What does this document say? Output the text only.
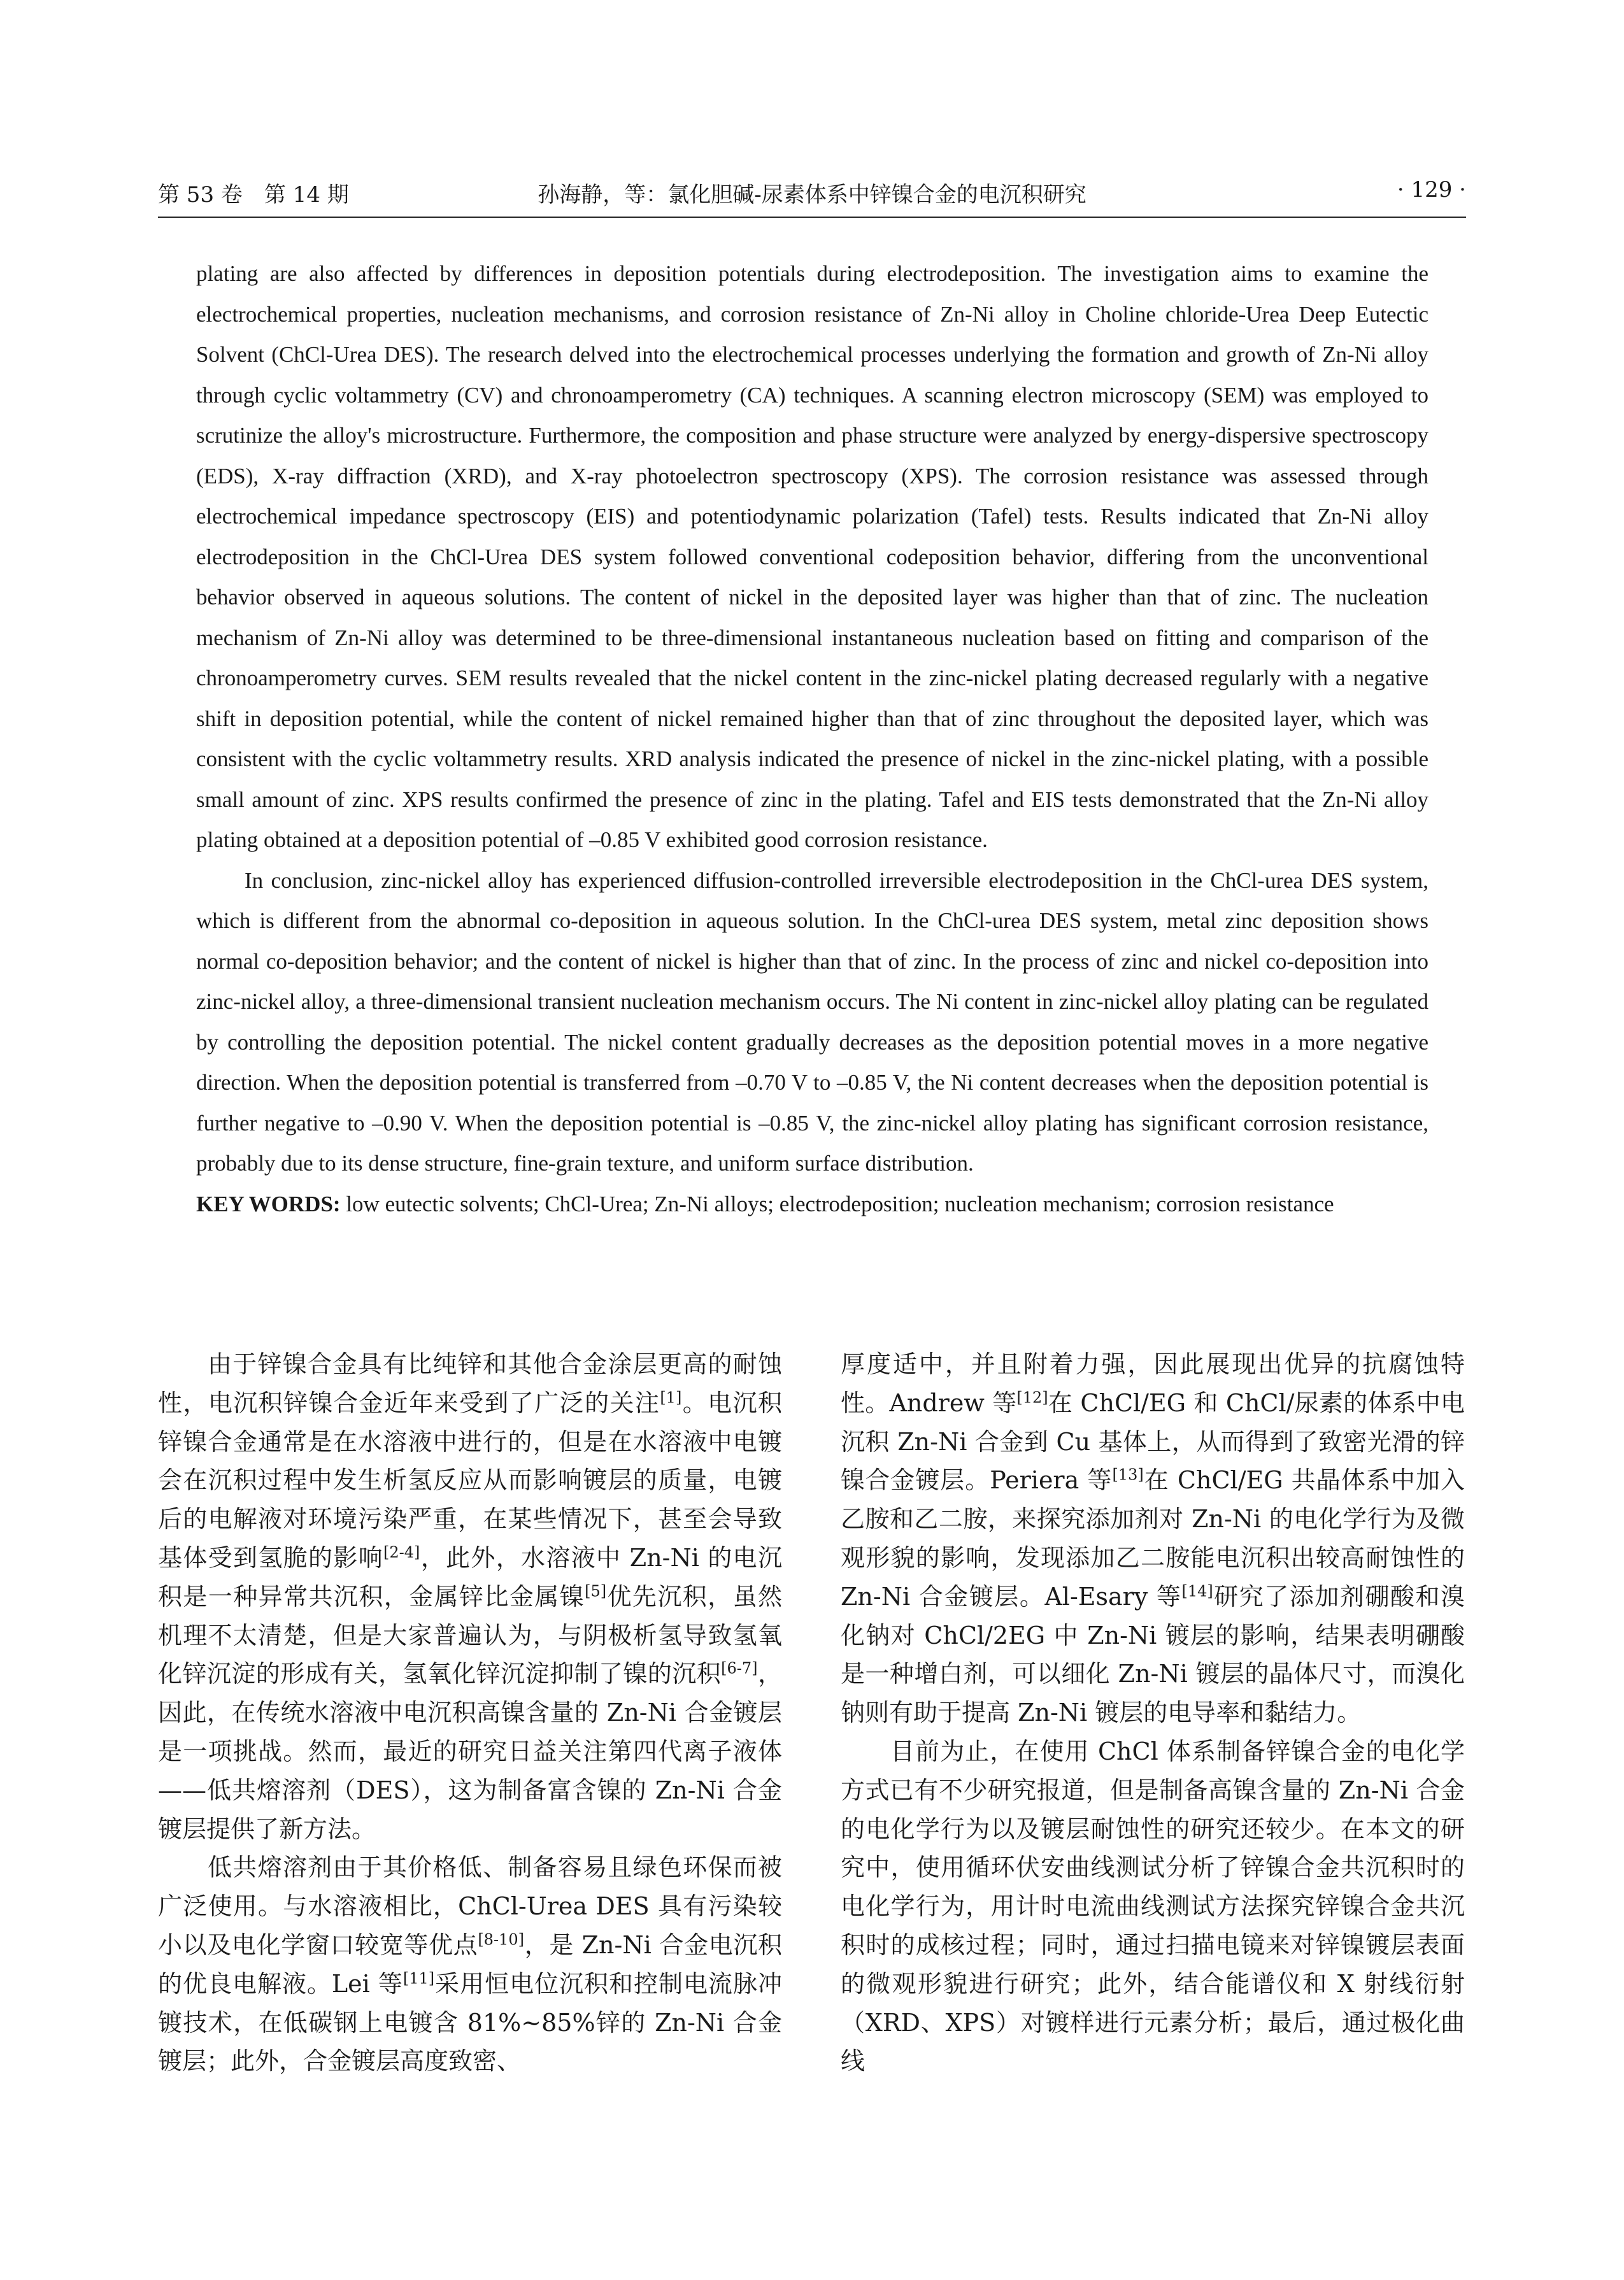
第 53 卷　第 14 期	孙海静，等：氯化胆碱-尿素体系中锌镍合金的电沉积研究	· 129 ·

plating are also affected by differences in deposition potentials during electrodeposition. The investigation aims to examine the electrochemical properties, nucleation mechanisms, and corrosion resistance of Zn-Ni alloy in Choline chloride-Urea Deep Eutectic Solvent (ChCl-Urea DES). The research delved into the electrochemical processes underlying the formation and growth of Zn-Ni alloy through cyclic voltammetry (CV) and chronoamperometry (CA) techniques. A scanning electron microscopy (SEM) was employed to scrutinize the alloy's microstructure. Furthermore, the composition and phase structure were analyzed by energy-dispersive spectroscopy (EDS), X-ray diffraction (XRD), and X-ray photoelectron spectroscopy (XPS). The corrosion resistance was assessed through electrochemical impedance spectroscopy (EIS) and potentiodynamic polarization (Tafel) tests. Results indicated that Zn-Ni alloy electrodeposition in the ChCl-Urea DES system followed conventional codeposition behavior, differing from the unconventional behavior observed in aqueous solutions. The content of nickel in the deposited layer was higher than that of zinc. The nucleation mechanism of Zn-Ni alloy was determined to be three-dimensional instantaneous nucleation based on fitting and comparison of the chronoamperometry curves. SEM results revealed that the nickel content in the zinc-nickel plating decreased regularly with a negative shift in deposition potential, while the content of nickel remained higher than that of zinc throughout the deposited layer, which was consistent with the cyclic voltammetry results. XRD analysis indicated the presence of nickel in the zinc-nickel plating, with a possible small amount of zinc. XPS results confirmed the presence of zinc in the plating. Tafel and EIS tests demonstrated that the Zn-Ni alloy plating obtained at a deposition potential of –0.85 V exhibited good corrosion resistance.

In conclusion, zinc-nickel alloy has experienced diffusion-controlled irreversible electrodeposition in the ChCl-urea DES system, which is different from the abnormal co-deposition in aqueous solution. In the ChCl-urea DES system, metal zinc deposition shows normal co-deposition behavior; and the content of nickel is higher than that of zinc. In the process of zinc and nickel co-deposition into zinc-nickel alloy, a three-dimensional transient nucleation mechanism occurs. The Ni content in zinc-nickel alloy plating can be regulated by controlling the deposition potential. The nickel content gradually decreases as the deposition potential moves in a more negative direction. When the deposition potential is transferred from –0.70 V to –0.85 V, the Ni content decreases when the deposition potential is further negative to –0.90 V. When the deposition potential is –0.85 V, the zinc-nickel alloy plating has significant corrosion resistance, probably due to its dense structure, fine-grain texture, and uniform surface distribution.

KEY WORDS: low eutectic solvents; ChCl-Urea; Zn-Ni alloys; electrodeposition; nucleation mechanism; corrosion resistance

由于锌镍合金具有比纯锌和其他合金涂层更高的耐蚀性，电沉积锌镍合金近年来受到了广泛的关注[1]。电沉积锌镍合金通常是在水溶液中进行的，但是在水溶液中电镀会在沉积过程中发生析氢反应从而影响镀层的质量，电镀后的电解液对环境污染严重，在某些情况下，甚至会导致基体受到氢脆的影响[2-4]，此外，水溶液中 Zn-Ni 的电沉积是一种异常共沉积，金属锌比金属镍[5]优先沉积，虽然机理不太清楚，但是大家普遍认为，与阴极析氢导致氢氧化锌沉淀的形成有关，氢氧化锌沉淀抑制了镍的沉积[6-7]，因此，在传统水溶液中电沉积高镍含量的 Zn-Ni 合金镀层是一项挑战。然而，最近的研究日益关注第四代离子液体——低共熔溶剂（DES），这为制备富含镍的 Zn-Ni 合金镀层提供了新方法。

低共熔溶剂由于其价格低、制备容易且绿色环保而被广泛使用。与水溶液相比，ChCl-Urea DES 具有污染较小以及电化学窗口较宽等优点[8-10]，是 Zn-Ni 合金电沉积的优良电解液。Lei 等[11]采用恒电位沉积和控制电流脉冲镀技术，在低碳钢上电镀含 81%~85%锌的 Zn-Ni 合金镀层；此外，合金镀层高度致密、

厚度适中，并且附着力强，因此展现出优异的抗腐蚀特性。Andrew 等[12]在 ChCl/EG 和 ChCl/尿素的体系中电沉积 Zn-Ni 合金到 Cu 基体上，从而得到了致密光滑的锌镍合金镀层。Periera 等[13]在 ChCl/EG 共晶体系中加入乙胺和乙二胺，来探究添加剂对 Zn-Ni 的电化学行为及微观形貌的影响，发现添加乙二胺能电沉积出较高耐蚀性的 Zn-Ni 合金镀层。Al-Esary 等[14]研究了添加剂硼酸和溴化钠对 ChCl/2EG 中 Zn-Ni 镀层的影响，结果表明硼酸是一种增白剂，可以细化 Zn-Ni 镀层的晶体尺寸，而溴化钠则有助于提高 Zn-Ni 镀层的电导率和黏结力。

目前为止，在使用 ChCl 体系制备锌镍合金的电化学方式已有不少研究报道，但是制备高镍含量的 Zn-Ni 合金的电化学行为以及镀层耐蚀性的研究还较少。在本文的研究中，使用循环伏安曲线测试分析了锌镍合金共沉积时的电化学行为，用计时电流曲线测试方法探究锌镍合金共沉积时的成核过程；同时，通过扫描电镜来对锌镍镀层表面的微观形貌进行研究；此外，结合能谱仪和 X 射线衍射（XRD、XPS）对镀样进行元素分析；最后，通过极化曲线
